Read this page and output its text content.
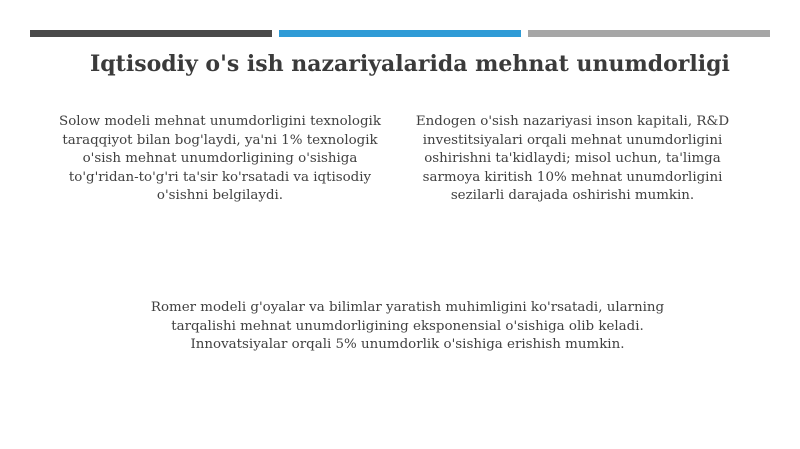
Iqtisodiy o's ish nazariyalarida mehnat unumdorligi
Solow modeli mehnat unumdorligini texnologik taraqqiyot bilan bog'laydi, ya'ni 1% texnologik o'sish mehnat unumdorligining o'sishiga to'g'ridan-to'g'ri ta'sir ko'rsatadi va iqtisodiy o'sishni belgilaydi.
Endogen o'sish nazariyasi inson kapitali, R&D investitsiyalari orqali mehnat unumdorligini oshirishni ta'kidlaydi; misol uchun, ta'limga sarmoya kiritish 10% mehnat unumdorligini sezilarli darajada oshirishi mumkin.
Romer modeli g'oyalar va bilimlar yaratish muhimligini ko'rsatadi, ularning tarqalishi mehnat unumdorligining eksponensial o'sishiga olib keladi. Innovatsiyalar orqali 5% unumdorlik o'sishiga erishish mumkin.
